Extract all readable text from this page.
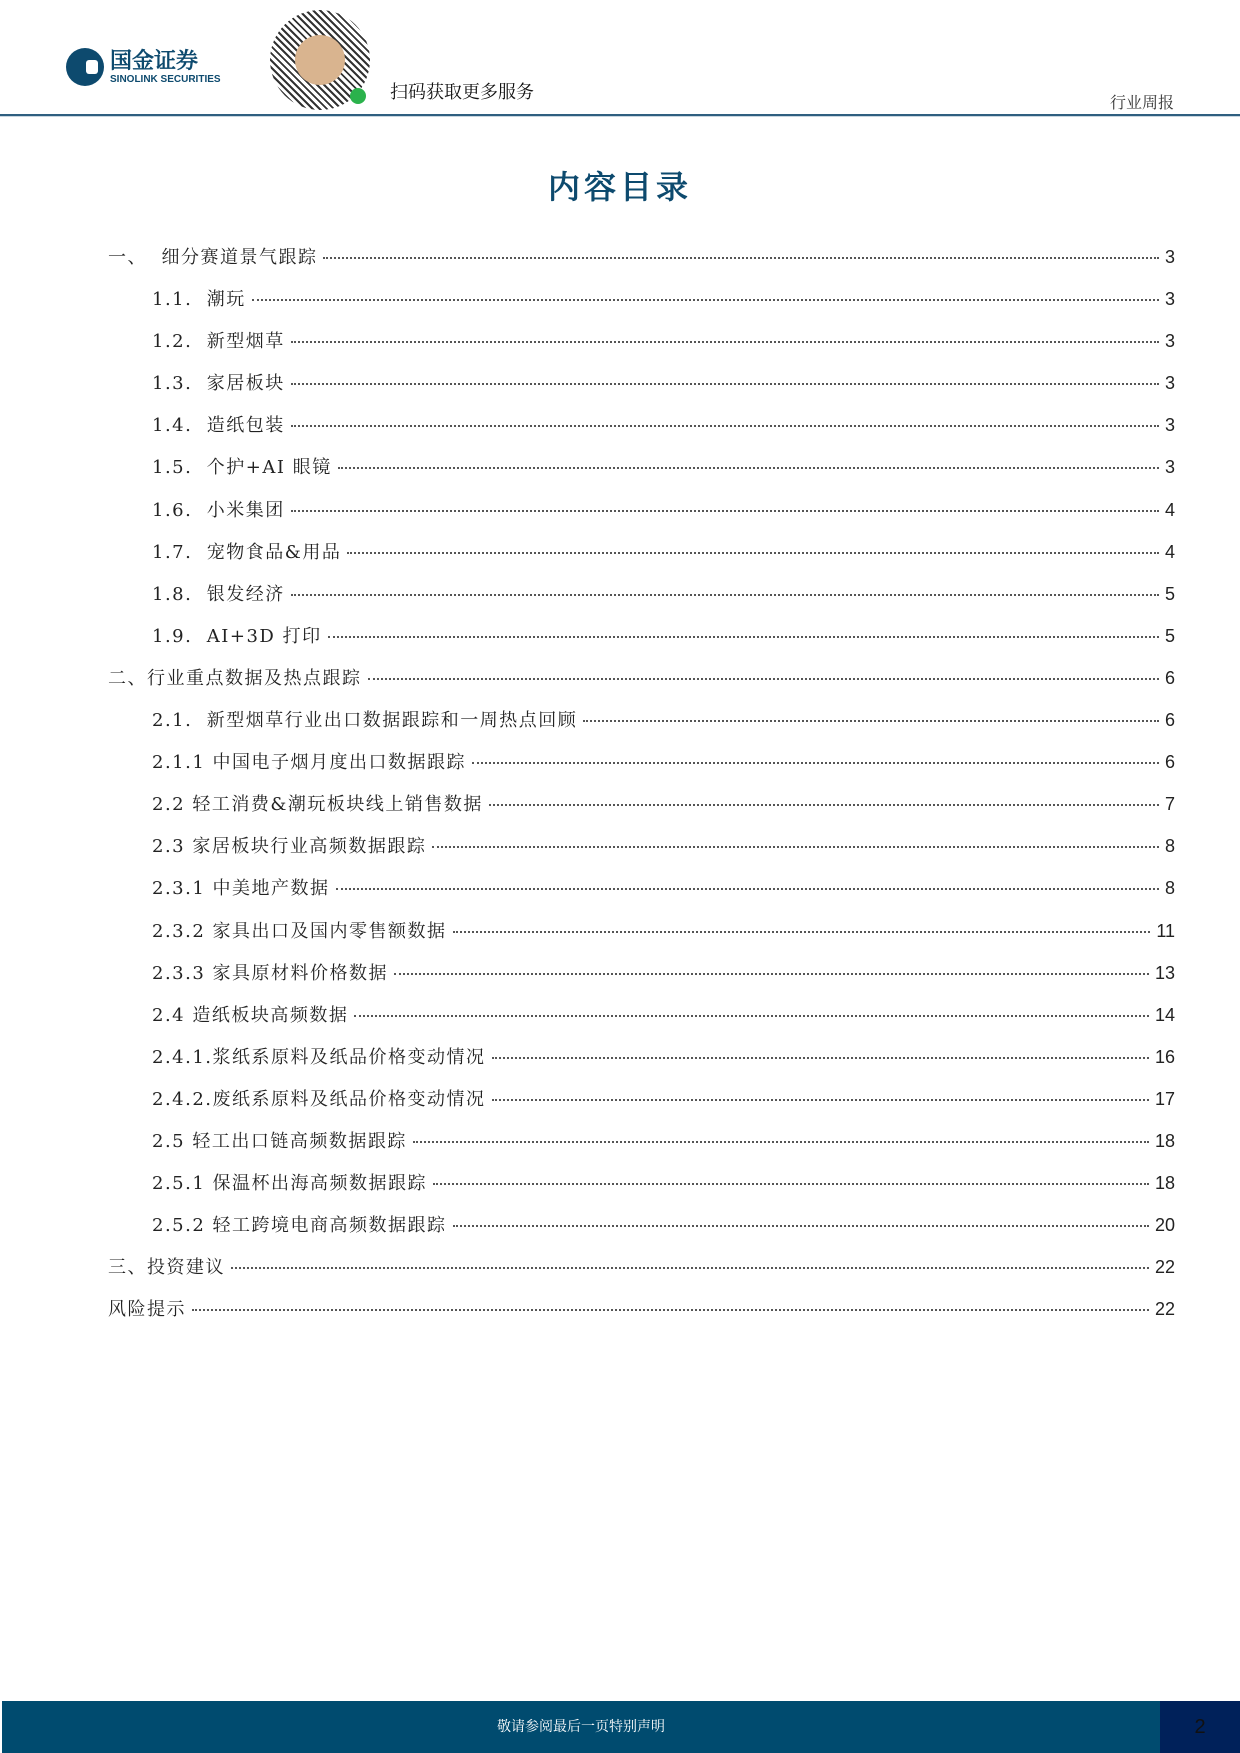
国金证券
SINOLINK SECURITIES
扫码获取更多服务	行业周报
内容目录
一、  细分赛道景气跟踪	3
1.1.  潮玩	3
1.2.  新型烟草	3
1.3.  家居板块	3
1.4.  造纸包装	3
1.5.  个护+AI 眼镜	3
1.6.  小米集团	4
1.7.  宠物食品&用品	4
1.8.  银发经济	5
1.9.  AI+3D 打印	5
二、行业重点数据及热点跟踪	6
2.1.  新型烟草行业出口数据跟踪和一周热点回顾	6
2.1.1 中国电子烟月度出口数据跟踪	6
2.2 轻工消费&潮玩板块线上销售数据	7
2.3 家居板块行业高频数据跟踪	8
2.3.1 中美地产数据	8
2.3.2 家具出口及国内零售额数据	11
2.3.3 家具原材料价格数据	13
2.4 造纸板块高频数据	14
2.4.1.浆纸系原料及纸品价格变动情况	16
2.4.2.废纸系原料及纸品价格变动情况	17
2.5 轻工出口链高频数据跟踪	18
2.5.1 保温杯出海高频数据跟踪	18
2.5.2 轻工跨境电商高频数据跟踪	20
三、投资建议	22
风险提示	22
敬请参阅最后一页特别声明	2
